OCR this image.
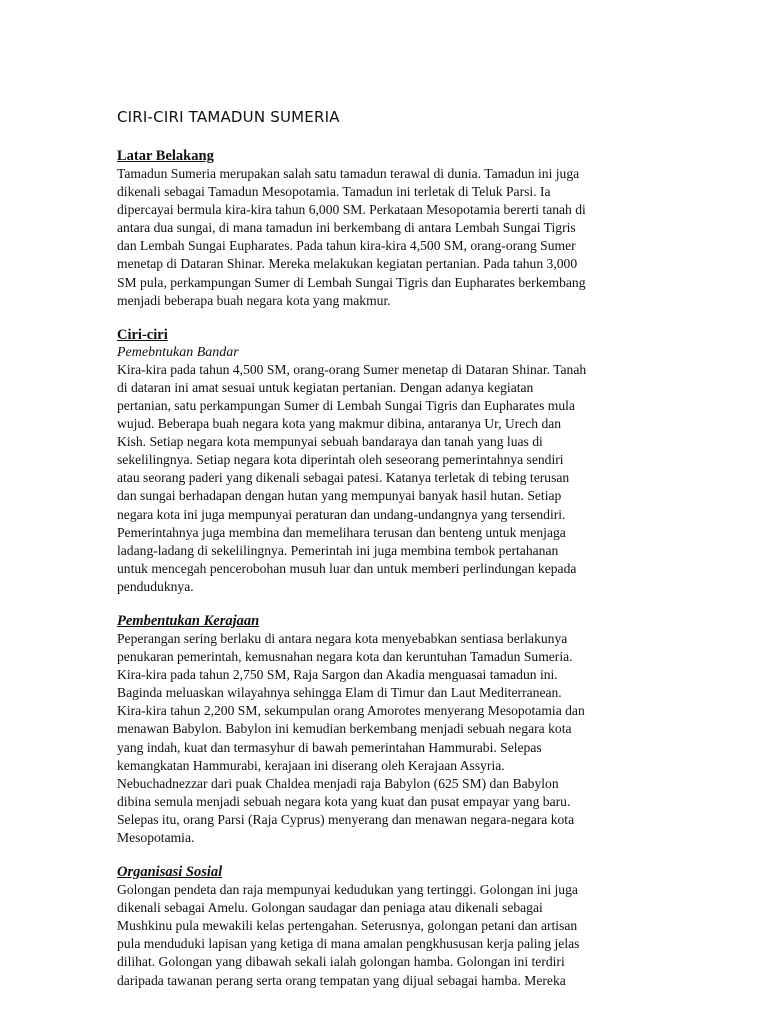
CIRI-CIRI TAMADUN SUMERIA

Latar Belakang

Tamadun Sumeria merupakan salah satu tamadun terawal di dunia. Tamadun ini juga
dikenali sebagai Tamadun Mesopotamia. Tamadun ini terletak di Teluk Parsi. Ia
dipercayai bermula kira-kira tahun 6,000 SM. Perkataan Mesopotamia bererti tanah di
antara dua sungai, di mana tamadun ini berkembang di antara Lembah Sungai Tigris
dan Lembah Sungai Eupharates. Pada tahun kira-kira 4,500 SM, orang-orang Sumer
menetap di Dataran Shinar. Mereka melakukan kegiatan pertanian. Pada tahun 3,000
SM pula, perkampungan Sumer di Lembah Sungai Tigris dan Eupharates berkembang
menjadi beberapa buah negara kota yang makmur.

Ciri-ciri

Pemebntukan Bandar

Kira-kira pada tahun 4,500 SM, orang-orang Sumer menetap di Dataran Shinar. Tanah
di dataran ini amat sesuai untuk kegiatan pertanian. Dengan adanya kegiatan
pertanian, satu perkampungan Sumer di Lembah Sungai Tigris dan Eupharates mula
wujud. Beberapa buah negara kota yang makmur dibina, antaranya Ur, Urech dan
Kish. Setiap negara kota mempunyai sebuah bandaraya dan tanah yang luas di
sekelilingnya. Setiap negara kota diperintah oleh seseorang pemerintahnya sendiri
atau seorang paderi yang dikenali sebagai patesi. Katanya terletak di tebing terusan
dan sungai berhadapan dengan hutan yang mempunyai banyak hasil hutan. Setiap
negara kota ini juga mempunyai peraturan dan undang-undangnya yang tersendiri.
Pemerintahnya juga membina dan memelihara terusan dan benteng untuk menjaga
ladang-ladang di sekelilingnya. Pemerintah ini juga membina tembok pertahanan
untuk mencegah pencerobohan musuh luar dan untuk memberi perlindungan kepada
penduduknya.

Pembentukan Kerajaan

Peperangan sering berlaku di antara negara kota menyebabkan sentiasa berlakunya
penukaran pemerintah, kemusnahan negara kota dan keruntuhan Tamadun Sumeria.
Kira-kira pada tahun 2,750 SM, Raja Sargon dan Akadia menguasai tamadun ini.
Baginda meluaskan wilayahnya sehingga Elam di Timur dan Laut Mediterranean.
Kira-kira tahun 2,200 SM, sekumpulan orang Amorotes menyerang Mesopotamia dan
menawan Babylon. Babylon ini kemudian berkembang menjadi sebuah negara kota
yang indah, kuat dan termasyhur di bawah pemerintahan Hammurabi. Selepas
kemangkatan Hammurabi, kerajaan ini diserang oleh Kerajaan Assyria.
Nebuchadnezzar dari puak Chaldea menjadi raja Babylon (625 SM) dan Babylon
dibina semula menjadi sebuah negara kota yang kuat dan pusat empayar yang baru.
Selepas itu, orang Parsi (Raja Cyprus) menyerang dan menawan negara-negara kota
Mesopotamia.

Organisasi Sosial

Golongan pendeta dan raja mempunyai kedudukan yang tertinggi. Golongan ini juga
dikenali sebagai Amelu. Golongan saudagar dan peniaga atau dikenali sebagai
Mushkinu pula mewakili kelas pertengahan. Seterusnya, golongan petani dan artisan
pula menduduki lapisan yang ketiga di mana amalan pengkhususan kerja paling jelas
dilihat. Golongan yang dibawah sekali ialah golongan hamba. Golongan ini terdiri
daripada tawanan perang serta orang tempatan yang dijual sebagai hamba. Mereka
